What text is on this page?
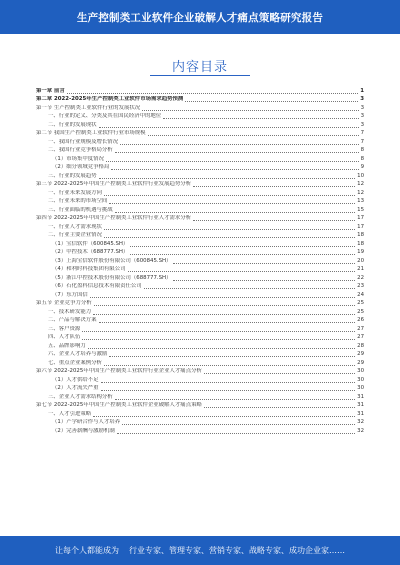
生产控制类工业软件企业破解人才痛点策略研究报告
内容目录
第一章 前言	1
第二章 2022-2025年生产控制类工业软件市场需求趋势预测	3
第一节 生产控制类工业软件行业的发展状况	3
一、行业的定义、分类及其在国民经济中的地位	3
二、行业的发展现状	3
第二节 我国生产控制类工业软件行业市场规模	7
一、我国行业规模及增长情况	7
二、我国行业竞争格局分析	8
（1）市场集中度情况	8
（2）细分领域竞争格局	9
三、行业的发展趋势	10
第三节 2022-2025年中国生产控制类工业软件行业发展趋势分析	12
一、行业未来发展方向	12
二、行业未来的市场空间	13
三、行业面临的机遇与挑战	15
第四节 2022-2025年中国生产控制类工业软件行业人才需求分析	17
一、行业人才需求现状	17
二、行业主要企业情况	18
（1）宝信软件（600845.SH）	18
（2）中控技术（688777.SH）	19
（3）上海宝信软件股份有限公司（600845.SH）	20
（4）和利时科技集团有限公司	21
（5）浙江中控技术股份有限公司（688777.SH）	22
（6）石化盈科信息技术有限责任公司	23
（7）东方国信	24
第五节 企业竞争力分析	25
一、技术研发能力	25
二、产品与解决方案	26
三、客户资源	27
四、人才队伍	27
五、品牌影响力	28
六、企业人才培养与激励	29
七、重点企业案例分析	29
第六节 2022-2025年中国生产控制类工业软件行业企业人才痛点分析	30
（1）人才供给不足	30
（2）人才流失严重	30
三、企业人才需求结构分析	31
第七节 2022-2025年中国生产控制类工业软件企业破解人才痛点策略	31
一、人才引进策略	31
（1）产学研合作与人才培养	32
（2）完善薪酬与激励机制	32
让每个人都能成为 行业专家、管理专家、营销专家、战略专家、成功企业家……
